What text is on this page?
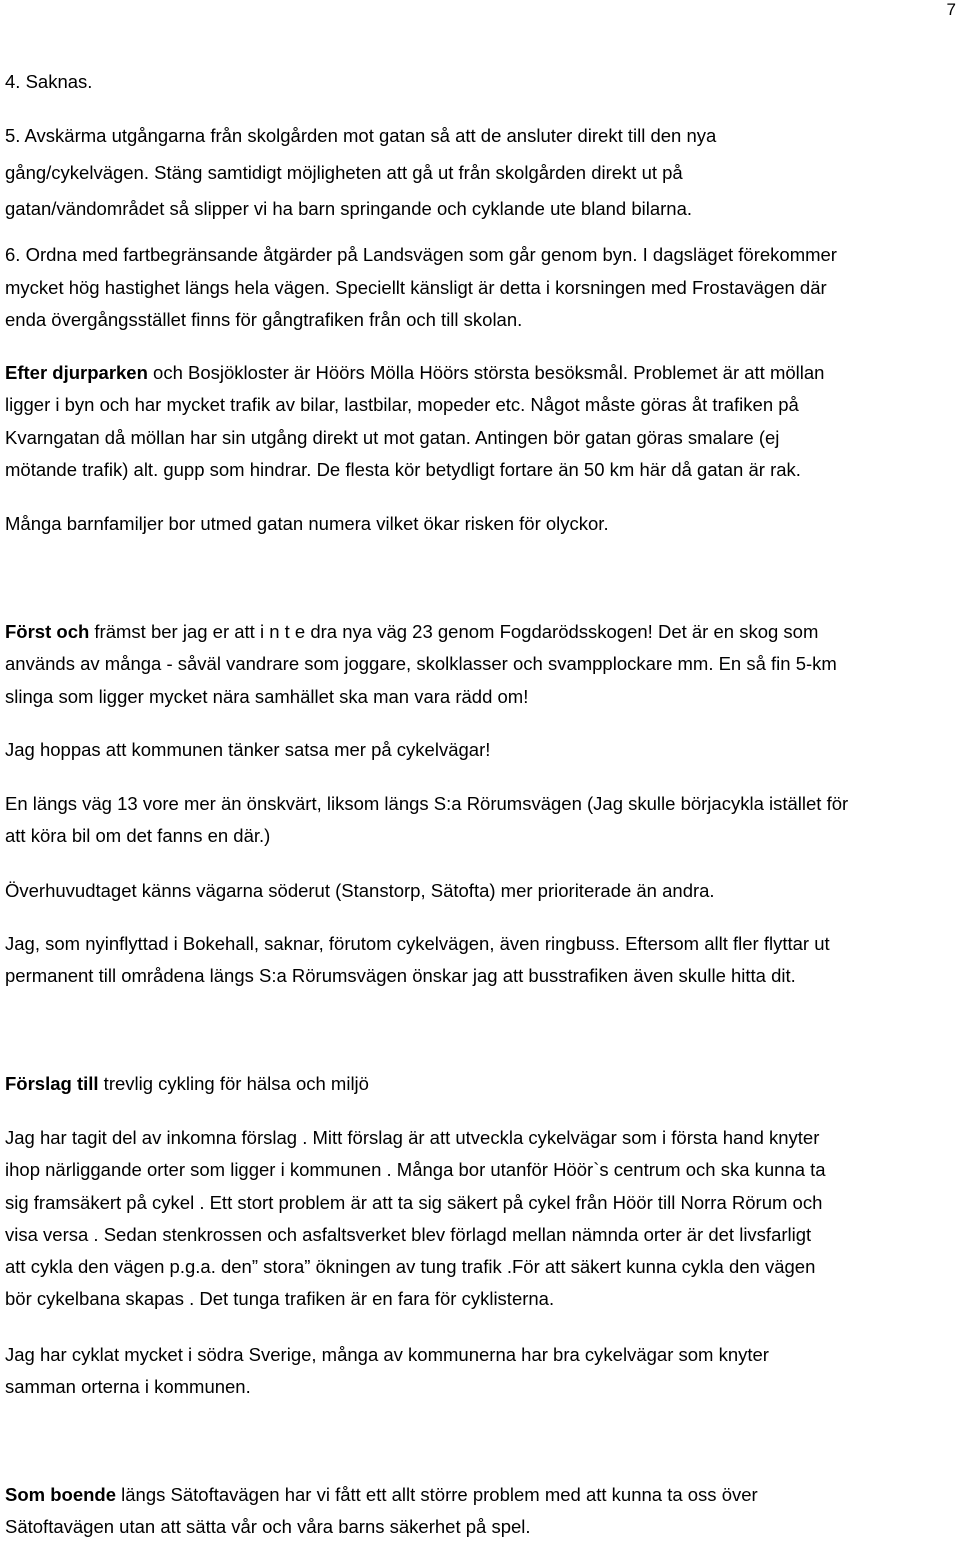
7

4. Saknas.

5. Avskärma utgångarna från skolgården mot gatan så att de ansluter direkt till den nya
gång/cykelvägen. Stäng samtidigt möjligheten att gå ut från skolgården direkt ut på
gatan/vändområdet så slipper vi ha barn springande och cyklande ute bland bilarna.

6. Ordna med fartbegränsande åtgärder på Landsvägen som går genom byn. I dagsläget förekommer
mycket hög hastighet längs hela vägen. Speciellt känsligt är detta i korsningen med Frostavägen där
enda övergångsstället finns för gångtrafiken från och till skolan.

Efter djurparken och Bosjökloster är Höörs Mölla Höörs största besöksmål. Problemet är att möllan
ligger i byn och har mycket trafik av bilar, lastbilar, mopeder etc. Något måste göras åt trafiken på
Kvarngatan då möllan har sin utgång direkt ut mot gatan. Antingen bör gatan göras smalare (ej
mötande trafik) alt. gupp som hindrar. De flesta kör betydligt fortare än 50 km här då gatan är rak.

Många barnfamiljer bor utmed gatan numera vilket ökar risken för olyckor.

Först och främst ber jag er att i n t e dra nya väg 23 genom Fogdarödsskogen! Det är en skog som
används av många - såväl vandrare som joggare, skolklasser och svampplockare mm. En så fin 5-km
slinga som ligger mycket nära samhället ska man vara rädd om!

Jag hoppas att kommunen tänker satsa mer på cykelvägar!

En längs väg 13 vore mer än önskvärt, liksom längs S:a Rörumsvägen (Jag skulle börjacykla istället för
att köra bil om det fanns en där.)

Överhuvudtaget känns vägarna söderut (Stanstorp, Sätofta) mer prioriterade än andra.

Jag, som nyinflyttad i Bokehall, saknar, förutom cykelvägen, även ringbuss. Eftersom allt fler flyttar ut
permanent till områdena längs S:a Rörumsvägen önskar jag att busstrafiken även skulle hitta dit.

Förslag till trevlig cykling för hälsa och miljö

Jag har tagit del av inkomna förslag . Mitt förslag är att utveckla cykelvägar som i första hand knyter
ihop närliggande orter som ligger i kommunen . Många bor utanför Höör`s centrum och ska kunna ta
sig framsäkert på cykel . Ett stort problem är att ta sig säkert på cykel från Höör till Norra Rörum och
visa versa . Sedan stenkrossen och asfaltsverket blev förlagd mellan nämnda orter är det livsfarligt
att cykla den vägen p.g.a. den” stora” ökningen av tung trafik .För att säkert kunna cykla den vägen
bör cykelbana skapas . Det tunga trafiken är en fara för cyklisterna.

Jag har cyklat mycket i södra Sverige, många av kommunerna har bra cykelvägar som knyter
samman orterna i kommunen.

Som boende längs Sätoftavägen har vi fått ett allt större problem med att kunna ta oss över
Sätoftavägen utan att sätta vår och våra barns säkerhet på spel.
